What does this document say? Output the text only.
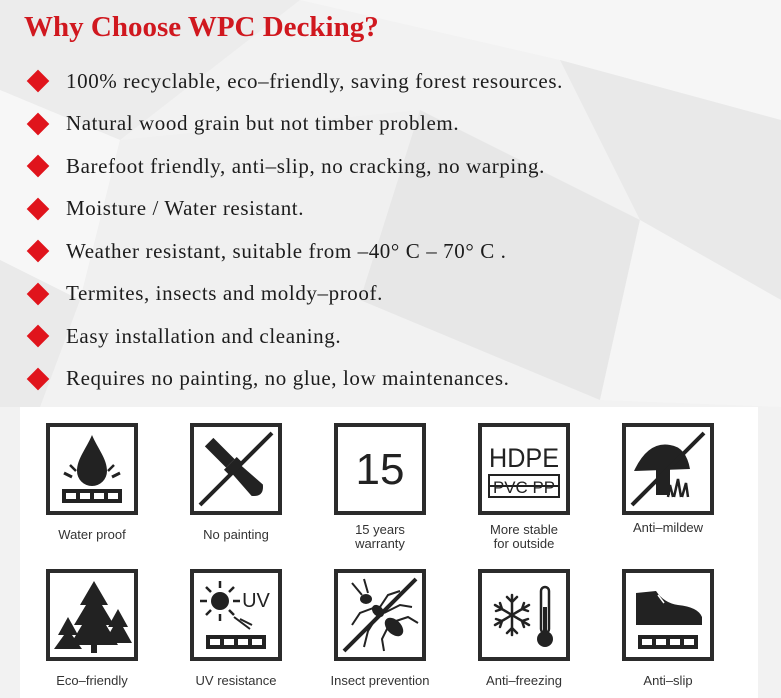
Why Choose WPC Decking?
100% recyclable, eco–friendly, saving forest resources.
Natural wood grain but not timber problem.
Barefoot friendly, anti–slip, no cracking, no warping.
Moisture / Water resistant.
Weather resistant, suitable from –40° C – 70° C .
Termites, insects and moldy–proof.
Easy installation and cleaning.
Requires no painting, no glue, low maintenances.
Water proof	No painting
15
15 years
warranty
HDPE
PVC PP
More stable
for outside
Anti–mildew
Eco–friendly
UV
UV resistance	Insect prevention	Anti–freezing	Anti–slip
